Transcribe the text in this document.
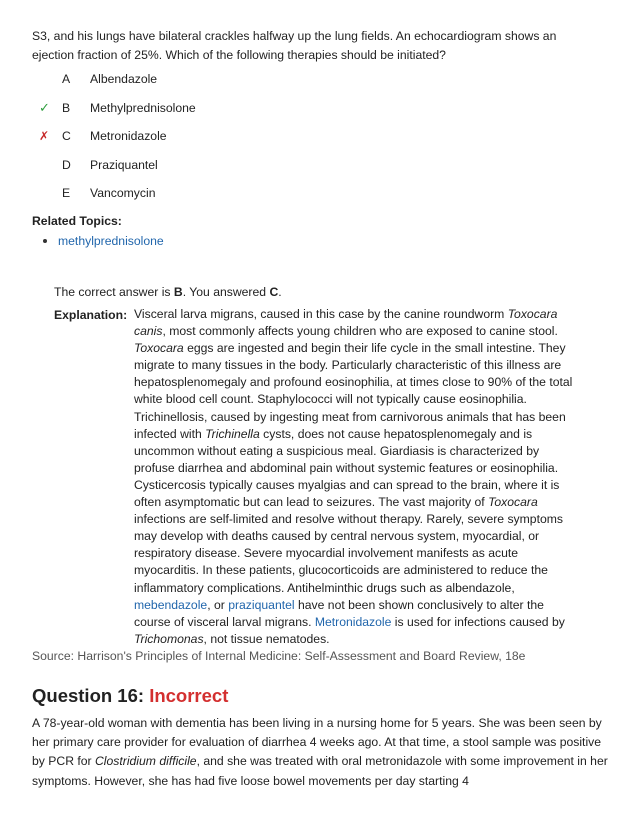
S3, and his lungs have bilateral crackles halfway up the lung fields. An echocardiogram shows an
ejection fraction of 25%. Which of the following therapies should be initiated?

A	Albendazole
✓ B	Methylprednisolone
✗	C	Metronidazole
D	Praziquantel
E	Vancomycin
Related Topics:
methylprednisolone
The correct answer is B. You answered C.
Explanation: Visceral larva migrans, caused in this case by the canine roundworm Toxocara canis, most commonly affects young children who are exposed to canine stool. Toxocara eggs are ingested and begin their life cycle in the small intestine. They migrate to many tissues in the body. Particularly characteristic of this illness are hepatosplenomegaly and profound eosinophilia, at times close to 90% of the total white blood cell count. Staphylococci will not typically cause eosinophilia. Trichinellosis, caused by ingesting meat from carnivorous animals that has been infected with Trichinella cysts, does not cause hepatosplenomegaly and is uncommon without eating a suspicious meal. Giardiasis is characterized by profuse diarrhea and abdominal pain without systemic features or eosinophilia. Cysticercosis typically causes myalgias and can spread to the brain, where it is often asymptomatic but can lead to seizures. The vast majority of Toxocara infections are self-limited and resolve without therapy. Rarely, severe symptoms may develop with deaths caused by central nervous system, myocardial, or respiratory disease. Severe myocardial involvement manifests as acute myocarditis. In these patients, glucocorticoids are administered to reduce the inflammatory complications. Antihelminthic drugs such as albendazole, mebendazole, or praziquantel have not been shown conclusively to alter the course of visceral larval migrans. Metronidazole is used for infections caused by Trichomonas, not tissue nematodes.

Source: Harrison's Principles of Internal Medicine: Self-Assessment and Board Review, 18e
Question 16: Incorrect

A 78-year-old woman with dementia has been living in a nursing home for 5 years. She was been seen by her primary care provider for evaluation of diarrhea 4 weeks ago. At that time, a stool sample was positive by PCR for Clostridium difficile, and she was treated with oral metronidazole with some improvement in her symptoms. However, she has had five loose bowel movements per day starting 4
